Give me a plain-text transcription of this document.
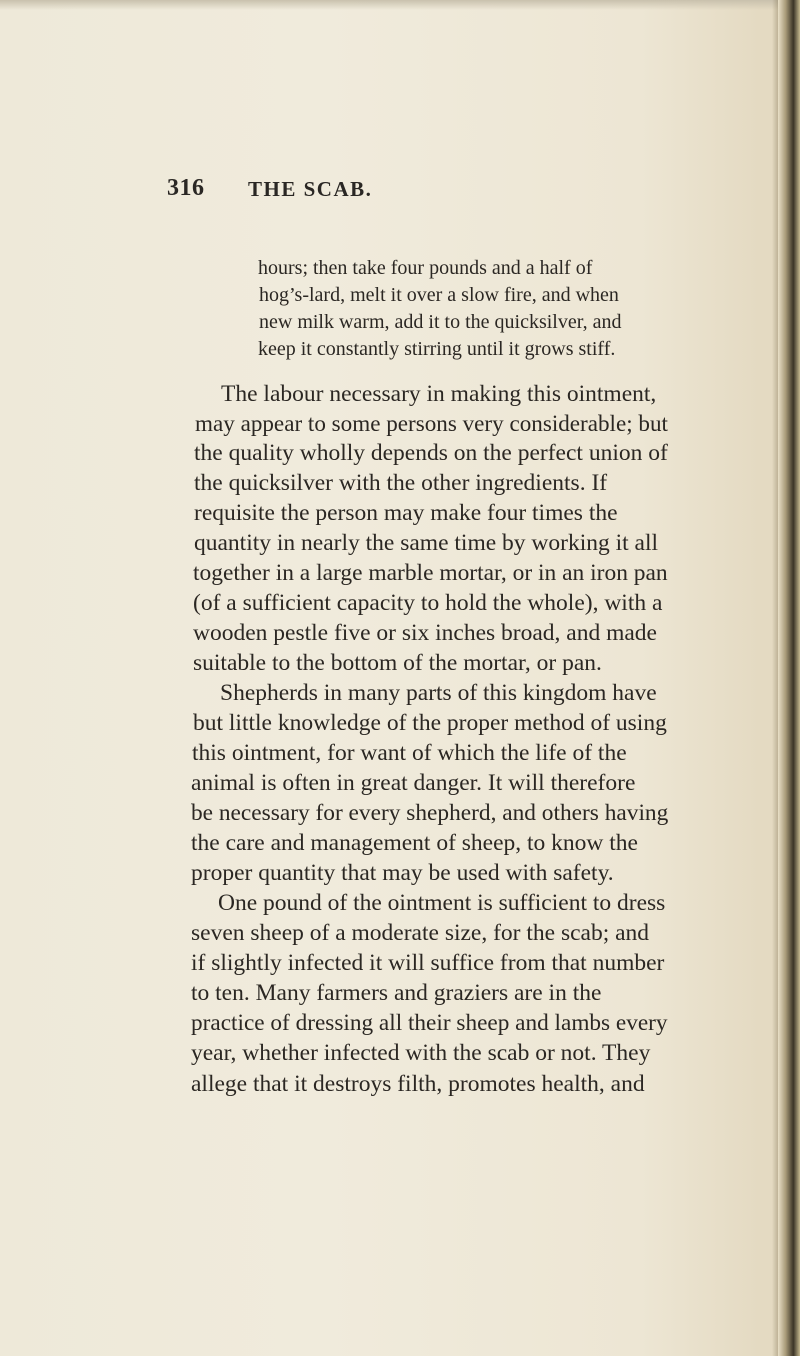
316 THE SCAB.
hours; then take four pounds and a half of
hog’s-lard, melt it over a slow fire, and when
new milk warm, add it to the quicksilver, and
keep it constantly stirring until it grows stiff.
The labour necessary in making this ointment,
may appear to some persons very considerable; but
the quality wholly depends on the perfect union of
the quicksilver with the other ingredients. If
requisite the person may make four times the
quantity in nearly the same time by working it all
together in a large marble mortar, or in an iron pan
(of a sufficient capacity to hold the whole), with a
wooden pestle five or six inches broad, and made
suitable to the bottom of the mortar, or pan.
Shepherds in many parts of this kingdom have
but little knowledge of the proper method of using
this ointment, for want of which the life of the
animal is often in great danger. It will therefore
be necessary for every shepherd, and others having
the care and management of sheep, to know the
proper quantity that may be used with safety.
One pound of the ointment is sufficient to dress
seven sheep of a moderate size, for the scab; and
if slightly infected it will suffice from that number
to ten. Many farmers and graziers are in the
practice of dressing all their sheep and lambs every
year, whether infected with the scab or not. They
allege that it destroys filth, promotes health, and
